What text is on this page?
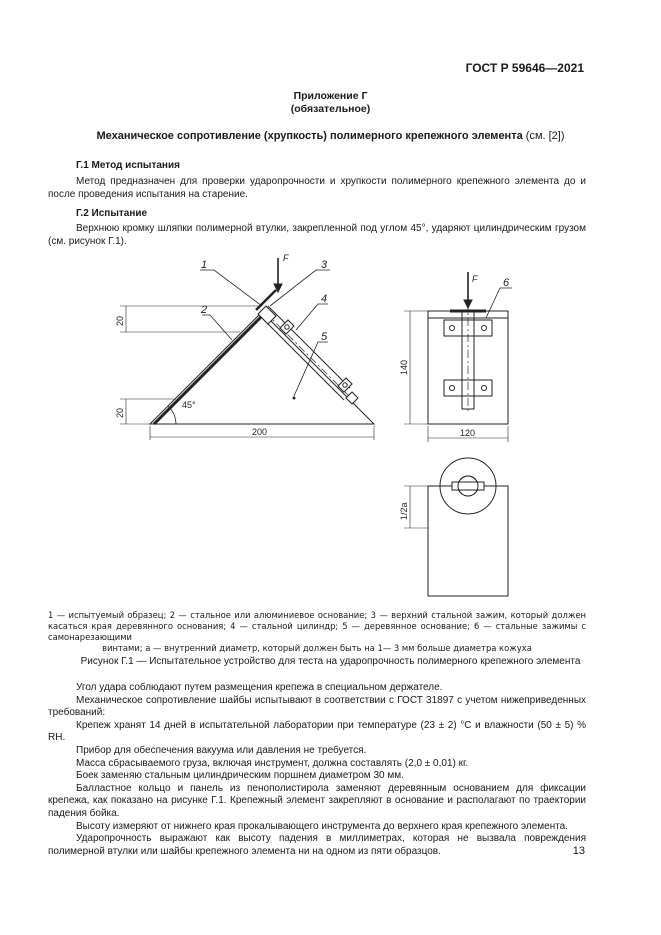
ГОСТ Р 59646—2021
Приложение Г
(обязательное)
Механическое сопротивление (хрупкость) полимерного крепежного элемента (см. [2])
Г.1 Метод испытания
Метод предназначен для проверки ударопрочности и хрупкости полимерного крепежного элемента до и после проведения испытания на старение.
Г.2 Испытание
Верхнюю кромку шляпки полимерной втулки, закрепленной под углом 45°, ударяют цилиндрическим грузом (см. рисунок Г.1).
1
2
3
4
5
6
F
F
45°
200	120
140
20
20
1/2a
1 — испытуемый образец; 2 — стальное или алюминиевое основание; 3 — верхний стальной зажим, который должен касаться края деревянного основания; 4 — стальной цилиндр; 5 — деревянное основание; 6 — стальные зажимы с самонарезающими
винтами; a — внутренний диаметр, который должен быть на 1— 3 мм больше диаметра кожуха
Рисунок Г.1 — Испытательное устройство для теста на ударопрочность полимерного крепежного элемента
Угол удара соблюдают путем размещения крепежа в специальном держателе.
Механическое сопротивление шайбы испытывают в соответствии с ГОСТ 31897 с учетом нижеприведенных требований:
Крепеж хранят 14 дней в испытательной лаборатории при температуре (23 ± 2) °С и влажности (50 ± 5) % RH.
Прибор для обеспечения вакуума или давления не требуется.
Масса сбрасываемого груза, включая инструмент, должна составлять (2,0 ± 0,01) кг.
Боек заменяю стальным цилиндрическим поршнем диаметром 30 мм.
Балластное кольцо и панель из пенополистирола заменяют деревянным основанием для фиксации крепежа, как показано на рисунке Г.1. Крепежный элемент закрепляют в основание и располагают по траектории падения бойка.
Высоту измеряют от нижнего края прокалывающего инструмента до верхнего края крепежного элемента.
Ударопрочность выражают как высоту падения в миллиметрах, которая не вызвала повреждения полимерной втулки или шайбы крепежного элемента ни на одном из пяти образцов.	13
